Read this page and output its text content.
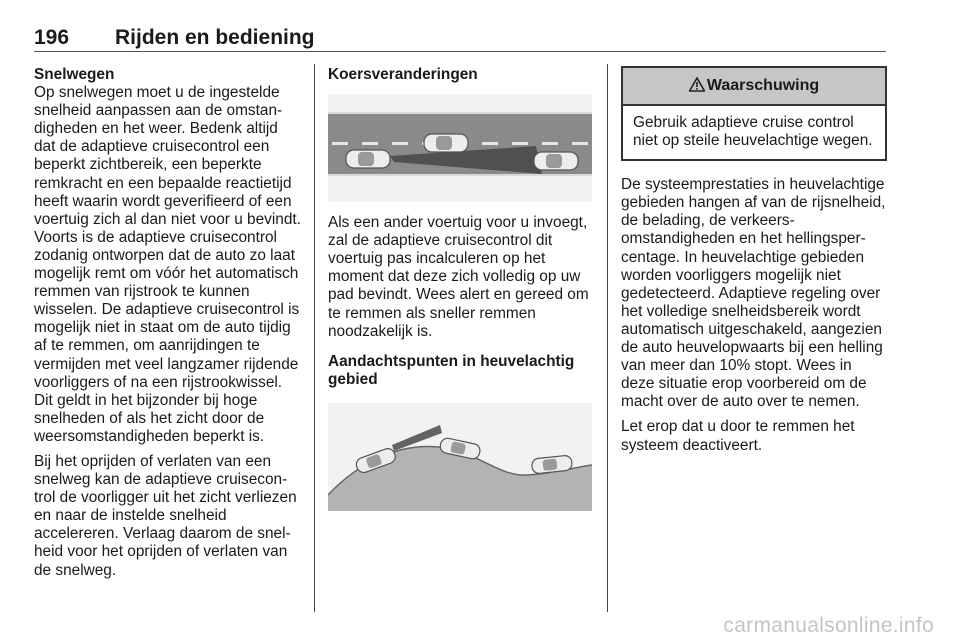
196 Rijden en bediening
Snelwegen

Op snelwegen moet u de ingestelde snelheid aanpassen aan de omstandigheden en het weer. Bedenk altijd dat de adaptieve cruisecontrol een beperkt zichtbereik, een beperkte remkracht en een bepaalde reactietijd heeft waarin wordt geverifieerd of een voertuig zich al dan niet voor u bevindt. Voorts is de adaptieve cruisecontrol zodanig ontworpen dat de auto zo laat mogelijk remt om vóór het automatisch remmen van rijstrook te kunnen wisselen. De adaptieve cruisecontrol is mogelijk niet in staat om de auto tijdig af te remmen, om aanrijdingen te vermijden met veel langzamer rijdende voorliggers of na een rijstrookwissel. Dit geldt in het bijzonder bij hoge snelheden of als het zicht door de weersomstandigheden beperkt is.

Bij het oprijden of verlaten van een snelweg kan de adaptieve cruisecontrol de voorligger uit het zicht verliezen en naar de instelde snelheid accelereren. Verlaag daarom de snelheid voor het oprijden of verlaten van de snelweg.

Koersveranderingen

Als een ander voertuig voor u invoegt, zal de adaptieve cruisecontrol dit voertuig pas incalculeren op het moment dat deze zich volledig op uw pad bevindt. Wees alert en gereed om te remmen als sneller remmen noodzakelijk is.

Aandachtspunten in heuvelachtig gebied
Waarschuwing
Gebruik adaptieve cruise control niet op steile heuvelachtige wegen.

De systeemprestaties in heuvelachtige gebieden hangen af van de rijsnelheid, de belading, de verkeersomstandigheden en het hellingspercentage. In heuvelachtige gebieden worden voorliggers mogelijk niet gedetecteerd. Adaptieve regeling over het volledige snelheidsbereik wordt automatisch uitgeschakeld, aangezien de auto heuvelopwaarts bij een helling van meer dan 10% stopt. Wees in deze situatie erop voorbereid om de macht over de auto over te nemen.

Let erop dat u door te remmen het systeem deactiveert.

carmanualsonline.info
